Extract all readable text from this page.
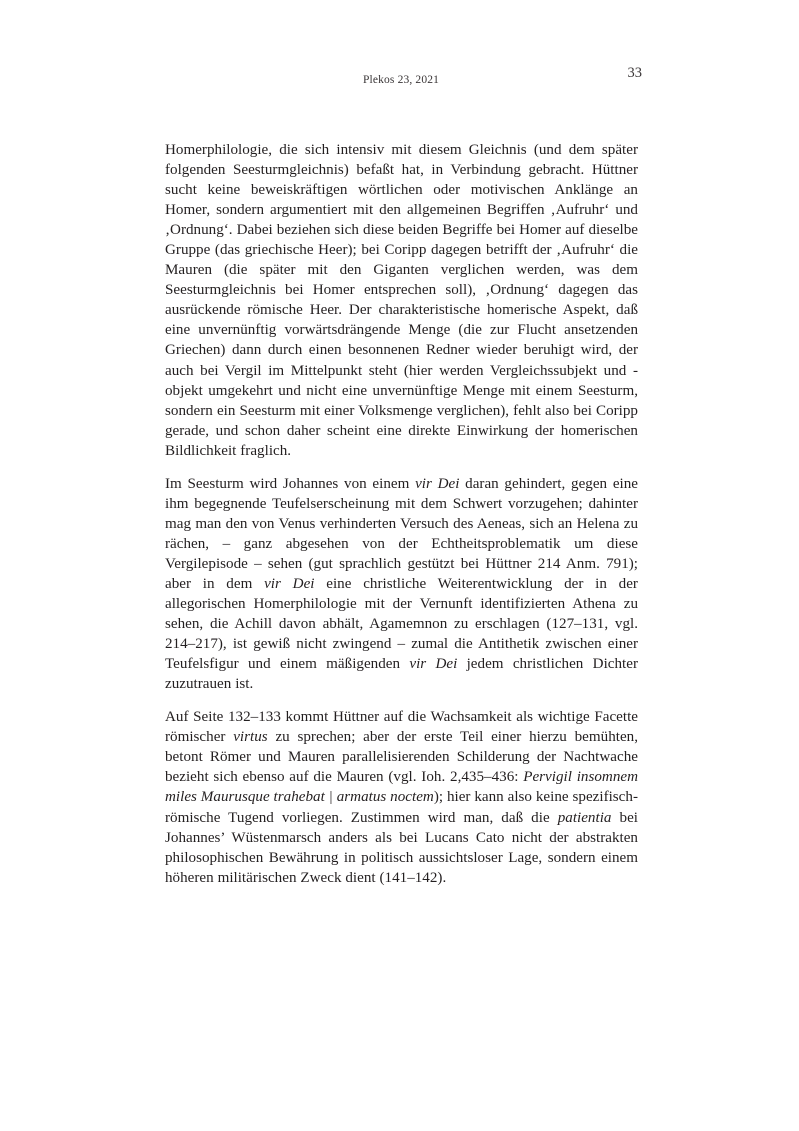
Plekos 23, 2021	33

Homerphilologie, die sich intensiv mit diesem Gleichnis (und dem später folgenden Seesturmgleichnis) befaßt hat, in Verbindung gebracht. Hüttner sucht keine beweiskräftigen wörtlichen oder motivischen Anklänge an Homer, sondern argumentiert mit den allgemeinen Begriffen ‚Aufruhr‘ und ‚Ordnung‘. Dabei beziehen sich diese beiden Begriffe bei Homer auf dieselbe Gruppe (das griechische Heer); bei Coripp dagegen betrifft der ‚Aufruhr‘ die Mauren (die später mit den Giganten verglichen werden, was dem Seesturmgleichnis bei Homer entsprechen soll), ‚Ordnung‘ dagegen das ausrückende römische Heer. Der charakteristische homerische Aspekt, daß eine unvernünftig vorwärtsdrängende Menge (die zur Flucht ansetzenden Griechen) dann durch einen besonnenen Redner wieder beruhigt wird, der auch bei Vergil im Mittelpunkt steht (hier werden Vergleichssubjekt und -objekt umgekehrt und nicht eine unvernünftige Menge mit einem Seesturm, sondern ein Seesturm mit einer Volksmenge verglichen), fehlt also bei Coripp gerade, und schon daher scheint eine direkte Einwirkung der homerischen Bildlichkeit fraglich.

Im Seesturm wird Johannes von einem vir Dei daran gehindert, gegen eine ihm begegnende Teufelserscheinung mit dem Schwert vorzugehen; dahinter mag man den von Venus verhinderten Versuch des Aeneas, sich an Helena zu rächen, – ganz abgesehen von der Echtheitsproblematik um diese Vergilepisode – sehen (gut sprachlich gestützt bei Hüttner 214 Anm. 791); aber in dem vir Dei eine christliche Weiterentwicklung der in der allegorischen Homerphilologie mit der Vernunft identifizierten Athena zu sehen, die Achill davon abhält, Agamemnon zu erschlagen (127–131, vgl. 214–217), ist gewiß nicht zwingend – zumal die Antithetik zwischen einer Teufelsfigur und einem mäßigenden vir Dei jedem christlichen Dichter zuzutrauen ist.

Auf Seite 132–133 kommt Hüttner auf die Wachsamkeit als wichtige Facette römischer virtus zu sprechen; aber der erste Teil einer hierzu bemühten, betont Römer und Mauren parallelisierenden Schilderung der Nachtwache bezieht sich ebenso auf die Mauren (vgl. Ioh. 2,435–436: Pervigil insomnem miles Maurusque trahebat | armatus noctem); hier kann also keine spezifisch-römische Tugend vorliegen. Zustimmen wird man, daß die patientia bei Johannes’ Wüstenmarsch anders als bei Lucans Cato nicht der abstrakten philosophischen Bewährung in politisch aussichtsloser Lage, sondern einem höheren militärischen Zweck dient (141–142).
